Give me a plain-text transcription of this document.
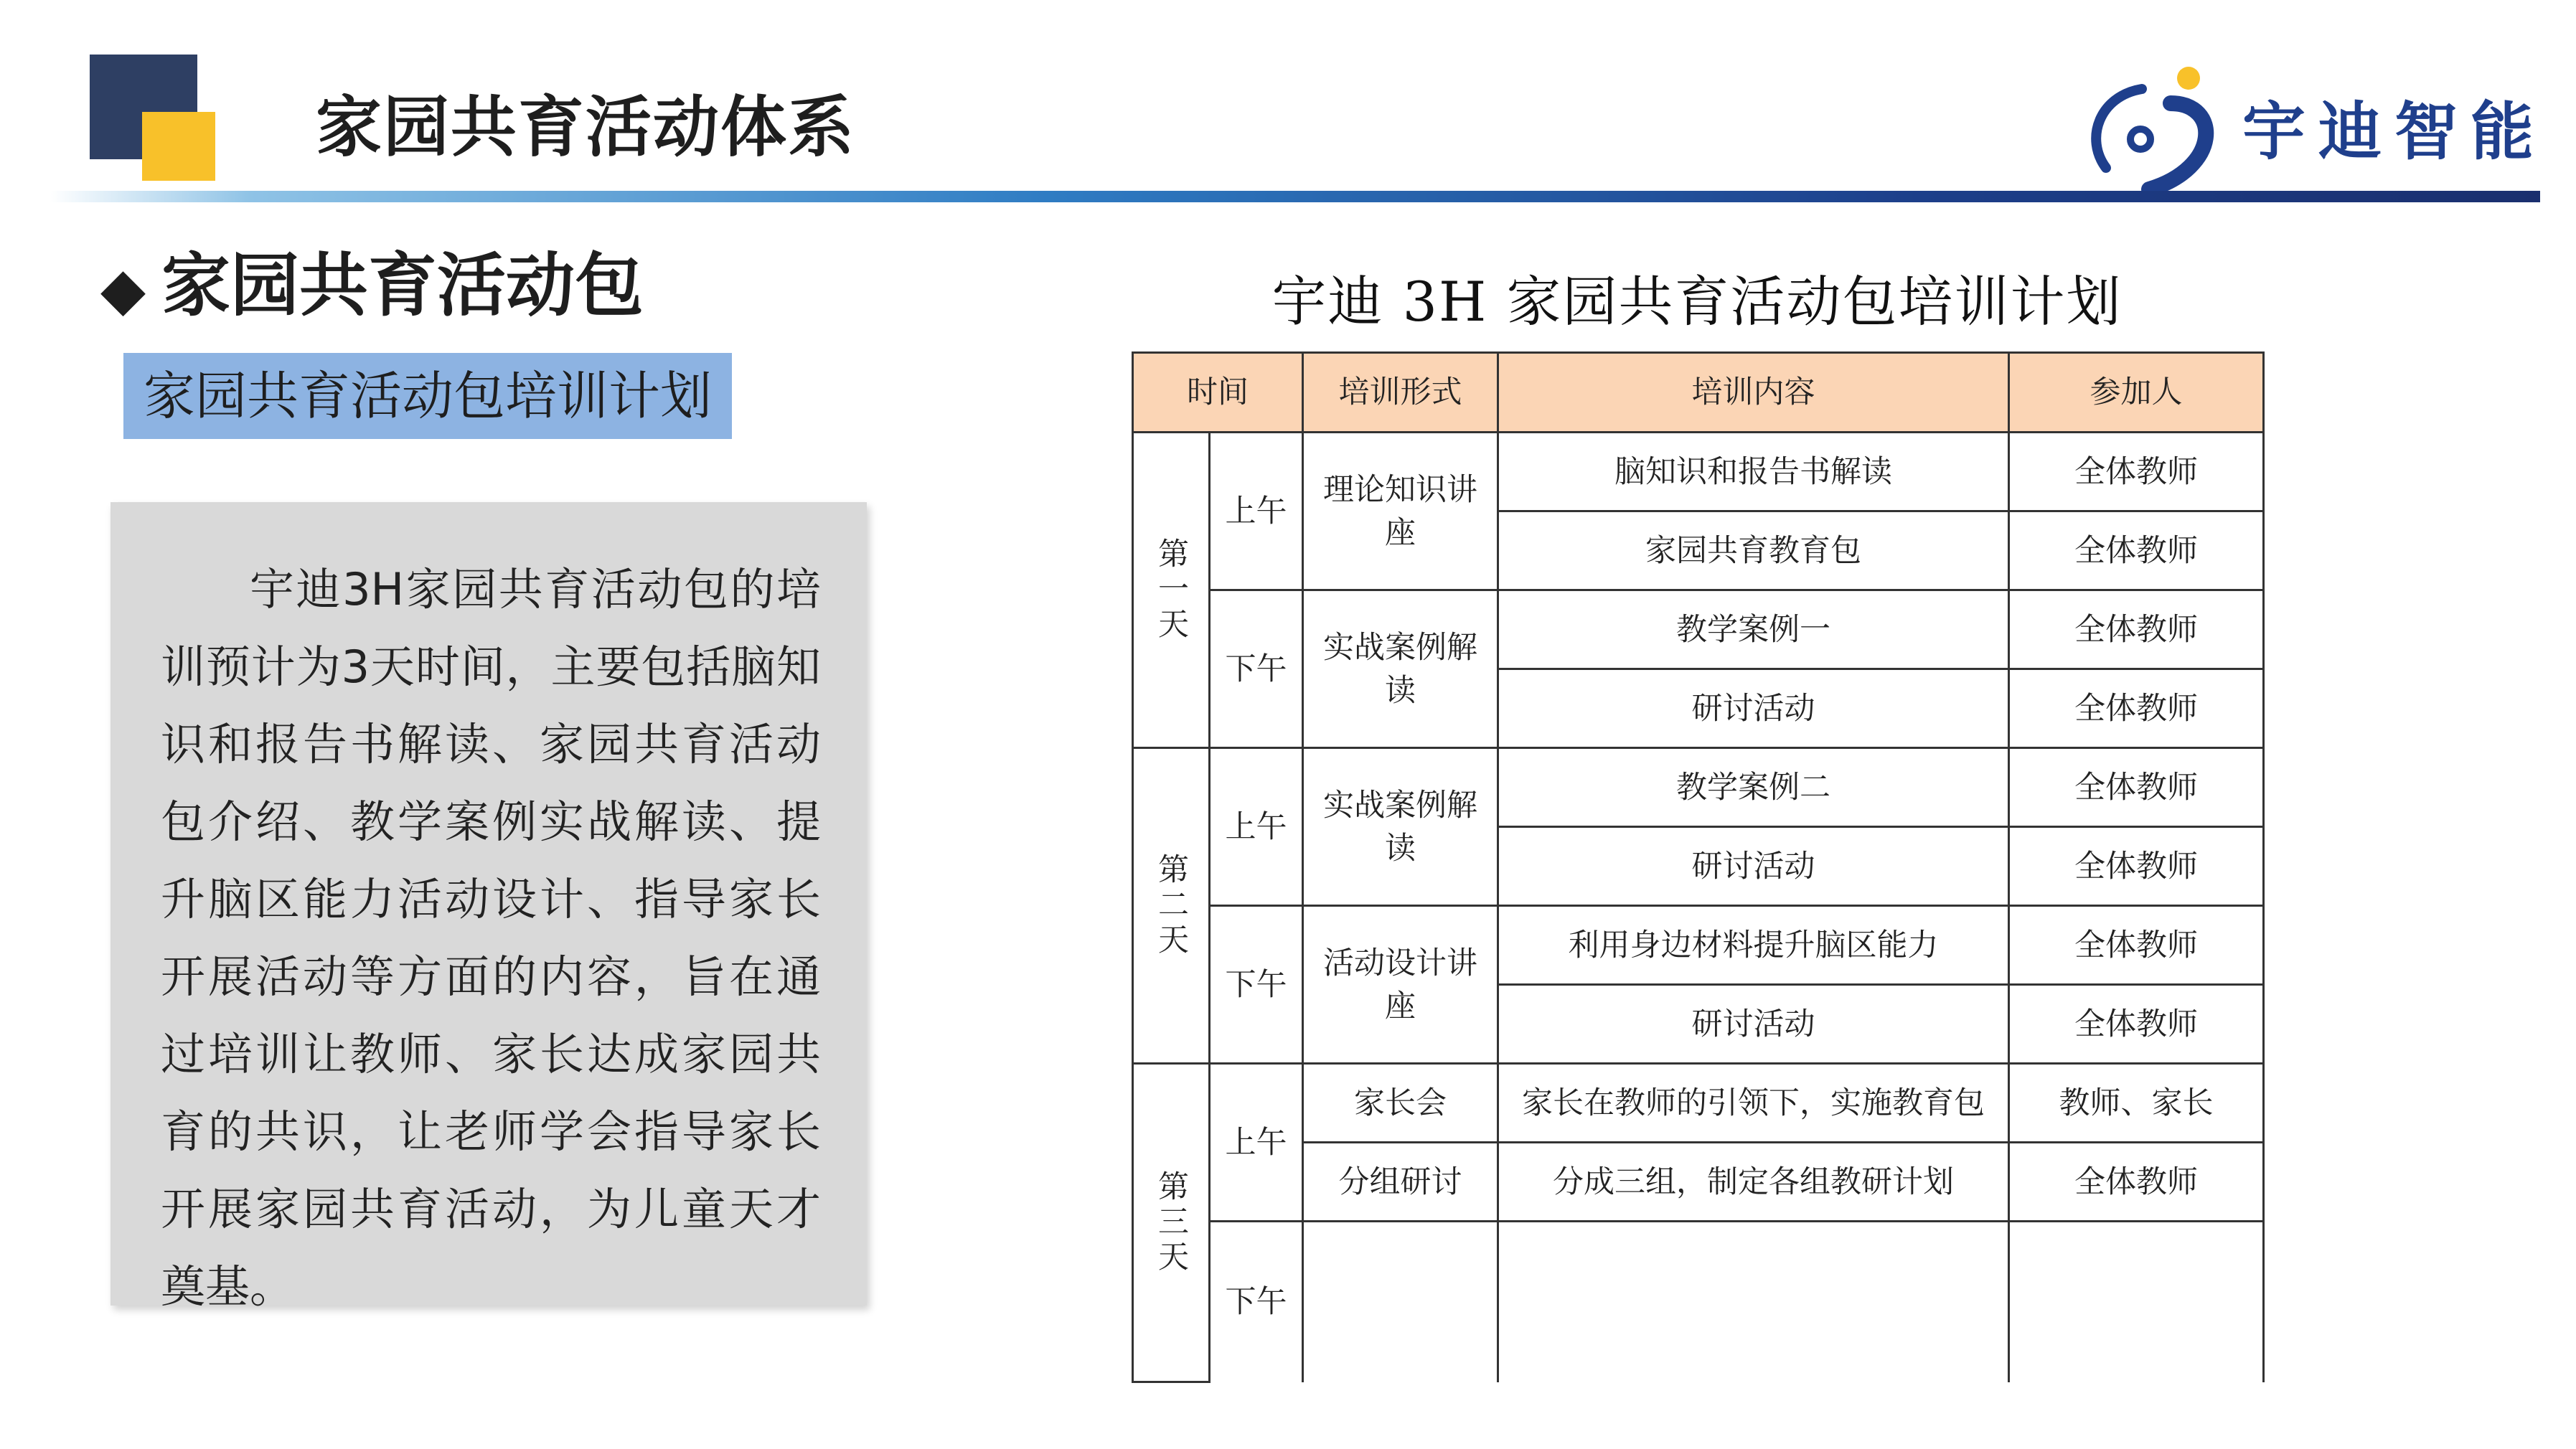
家园共育活动体系	宇迪智能
◆ 家园共育活动包
家园共育活动包培训计划
宇迪3H家园共育活动包的培训预计为3天时间，主要包括脑知识和报告书解读、家园共育活动包介绍、教学案例实战解读、提升脑区能力活动设计、指导家长开展活动等方面的内容，旨在通过培训让教师、家长达成家园共育的共识，让老师学会指导家长开展家园共育活动，为儿童天才奠基。
宇迪 3H 家园共育活动包培训计划
时间		培训形式	培训内容	参加人
第一天	上午	理论知识讲座	脑知识和报告书解读	全体教师
			家园共育教育包	全体教师
	下午	实战案例解读	教学案例一	全体教师
			研讨活动	全体教师
第二天	上午	实战案例解读	教学案例二	全体教师
			研讨活动	全体教师
	下午	活动设计讲座	利用身边材料提升脑区能力	全体教师
			研讨活动	全体教师
第三天	上午	家长会	家长在教师的引领下，实施教育包	教师、家长
		分组研讨	分成三组，制定各组教研计划	全体教师
	下午			
